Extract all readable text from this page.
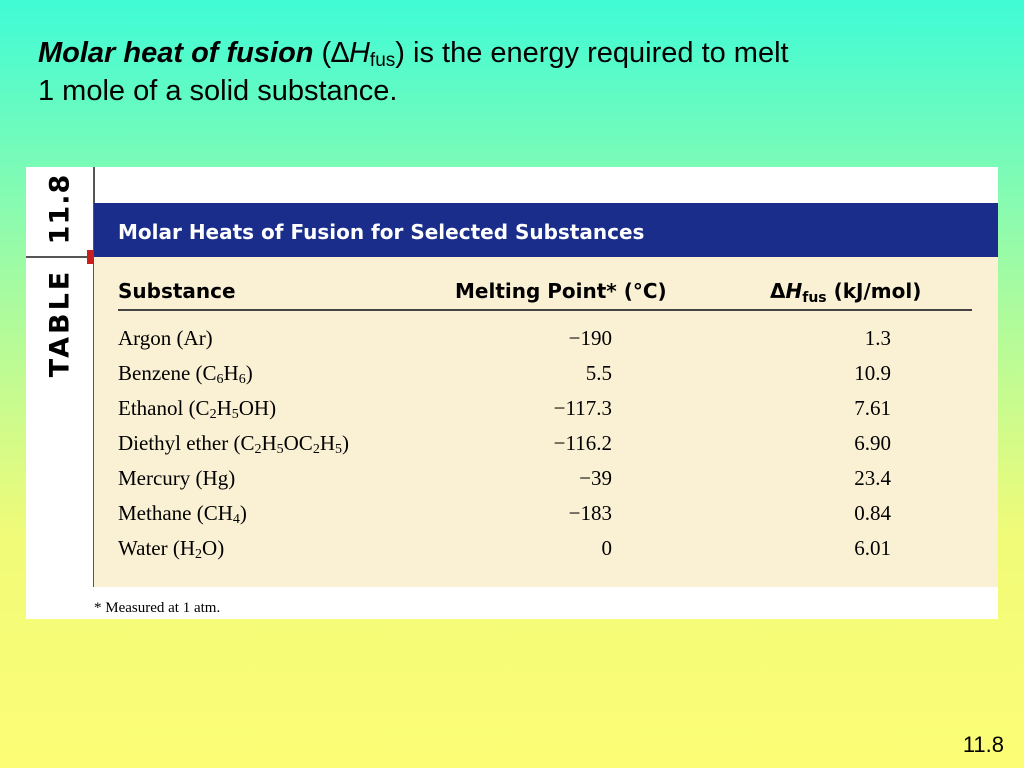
Molar heat of fusion $(\Delta H_{fus})$ is the energy required to melt
1 mole of a solid substance.
11.8
TABLE
Molar Heats of Fusion for Selected Substances
Substance	Melting Point* (°C)	$\Delta H_{fus}$ (kJ/mol)
Argon (Ar)	−190	1.3
Benzene $(C_6H_6)$	5.5	10.9
Ethanol $(C_2H_5OH)$	−117.3	7.61
Diethyl ether $(C_2H_5OC_2H_5)$	−116.2	6.90
Mercury (Hg)	−39	23.4
Methane $(CH_4)$	−183	0.84
Water $(H_2O)$	0	6.01
* Measured at 1 atm.
11.8
